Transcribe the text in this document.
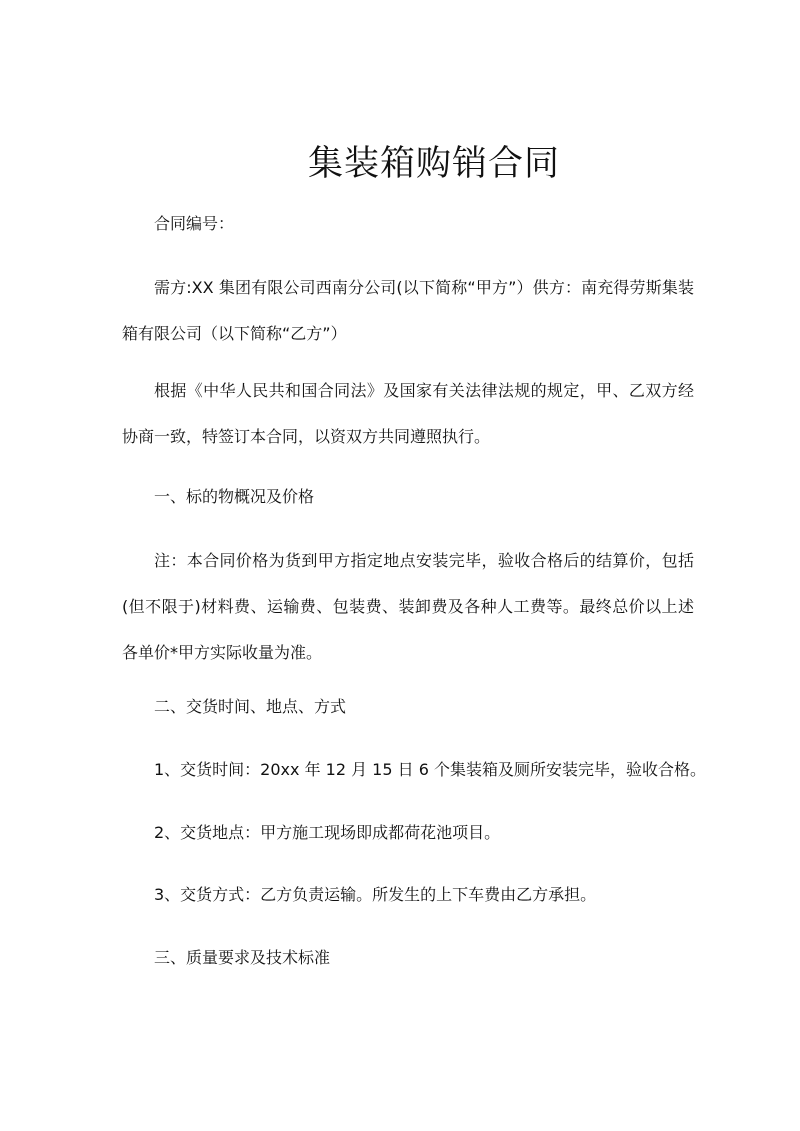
集装箱购销合同

合同编号：

需方:XX 集团有限公司西南分公司(以下简称“甲方”）供方：南充得劳斯集装箱有限公司（以下简称“乙方”）

根据《中华人民共和国合同法》及国家有关法律法规的规定，甲、乙双方经协商一致，特签订本合同，以资双方共同遵照执行。

一、标的物概况及价格

注：本合同价格为货到甲方指定地点安装完毕，验收合格后的结算价，包括(但不限于)材料费、运输费、包装费、装卸费及各种人工费等。最终总价以上述各单价*甲方实际收量为准。

二、交货时间、地点、方式

1、交货时间：20xx 年 12 月 15 日 6 个集装箱及厕所安装完毕，验收合格。

2、交货地点：甲方施工现场即成都荷花池项目。

3、交货方式：乙方负责运输。所发生的上下车费由乙方承担。

三、质量要求及技术标准
